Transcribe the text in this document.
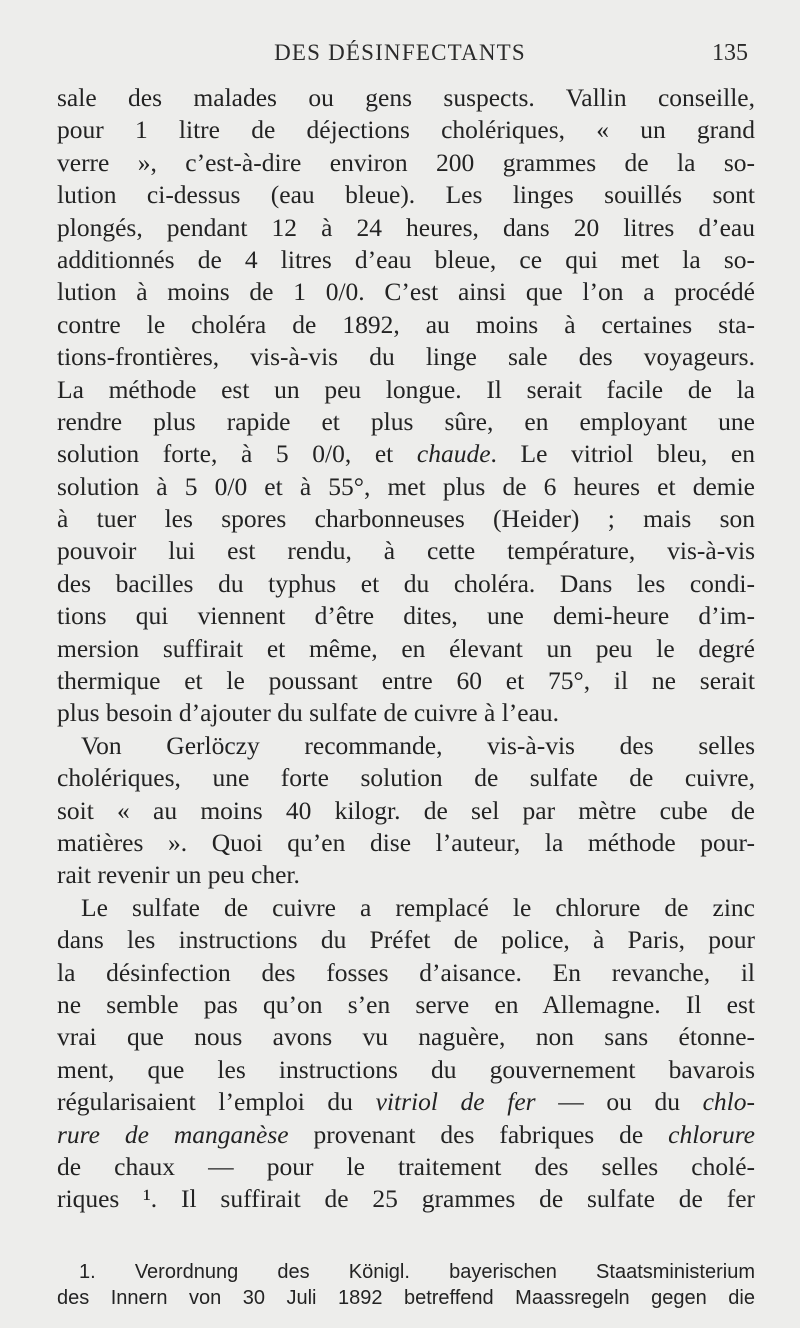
DES DÉSINFECTANTS	135
sale des malades ou gens suspects. Vallin conseille,
pour 1 litre de déjections cholériques, « un grand
verre », c’est-à-dire environ 200 grammes de la so-
lution ci-dessus (eau bleue). Les linges souillés sont
plongés, pendant 12 à 24 heures, dans 20 litres d’eau
additionnés de 4 litres d’eau bleue, ce qui met la so-
lution à moins de 1 0/0. C’est ainsi que l’on a procédé
contre le choléra de 1892, au moins à certaines sta-
tions-frontières, vis-à-vis du linge sale des voyageurs.
La méthode est un peu longue. Il serait facile de la
rendre plus rapide et plus sûre, en employant une
solution forte, à 5 0/0, et chaude. Le vitriol bleu, en
solution à 5 0/0 et à 55°, met plus de 6 heures et demie
à tuer les spores charbonneuses (Heider) ; mais son
pouvoir lui est rendu, à cette température, vis-à-vis
des bacilles du typhus et du choléra. Dans les condi-
tions qui viennent d’être dites, une demi-heure d’im-
mersion suffirait et même, en élevant un peu le degré
thermique et le poussant entre 60 et 75°, il ne serait
plus besoin d’ajouter du sulfate de cuivre à l’eau.
Von Gerlöczy recommande, vis-à-vis des selles
cholériques, une forte solution de sulfate de cuivre,
soit « au moins 40 kilogr. de sel par mètre cube de
matières ». Quoi qu’en dise l’auteur, la méthode pour-
rait revenir un peu cher.
Le sulfate de cuivre a remplacé le chlorure de zinc
dans les instructions du Préfet de police, à Paris, pour
la désinfection des fosses d’aisance. En revanche, il
ne semble pas qu’on s’en serve en Allemagne. Il est
vrai que nous avons vu naguère, non sans étonne-
ment, que les instructions du gouvernement bavarois
régularisaient l’emploi du vitriol de fer — ou du chlo-
rure de manganèse provenant des fabriques de chlorure
de chaux — pour le traitement des selles cholé-
riques ¹. Il suffirait de 25 grammes de sulfate de fer
1. Verordnung des Königl. bayerischen Staatsministerium
des Innern von 30 Juli 1892 betreffend Maassregeln gegen die
